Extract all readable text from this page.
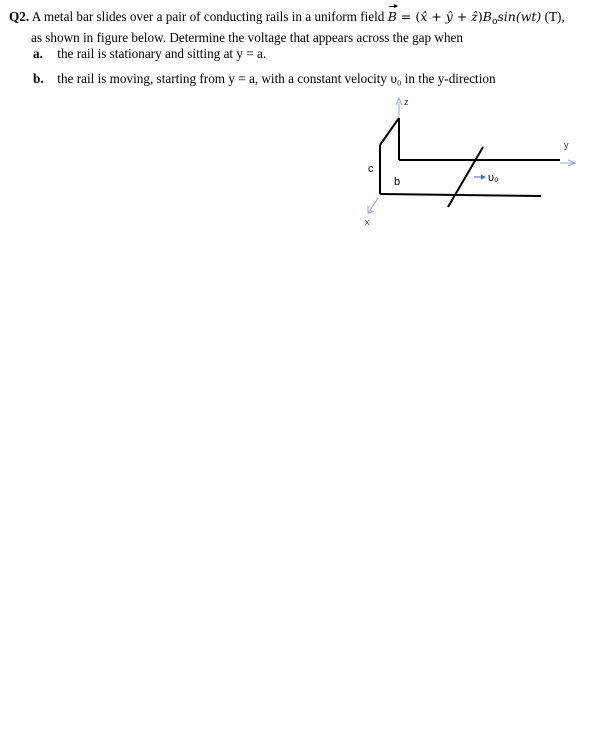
Q2. A metal bar slides over a pair of conducting rails in a uniform field B = (x̂ + ŷ + $ẑ)B_o\sin(wt)$ (T),
as shown in figure below. Determine the voltage that appears across the gap when
a. the rail is stationary and sitting at y = a.
b. the rail is moving, starting from y = a, with a constant velocity υ₀ in the y-direction
z
y
x
υ₀
c
b
